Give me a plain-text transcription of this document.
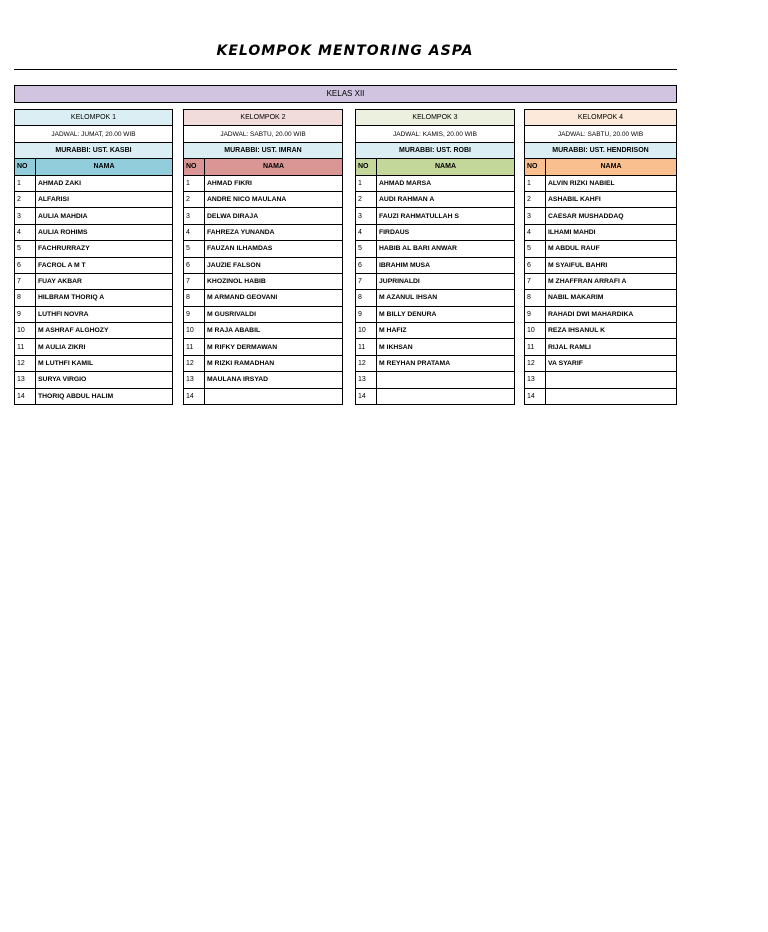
KELOMPOK MENTORING ASPA
KELAS XII
KELOMPOK 1	
JADWAL: JUMAT, 20.00 WIB	
MURABBI: UST. KASBI	
NO	NAMA
1	AHMAD ZAKI
2	ALFARISI
3	AULIA MAHDIA
4	AULIA ROHIMS
5	FACHRURRAZY
6	FACROL A M T
7	FUAY AKBAR
8	HILBRAM THORIQ A
9	LUTHFI NOVRA
10	M ASHRAF ALGHOZY
11	M AULIA ZIKRI
12	M LUTHFI KAMIL
13	SURYA VIRGIO
14	THORIQ ABDUL HALIM
KELOMPOK 2	
JADWAL: SABTU, 20.00 WIB	
MURABBI: UST. IMRAN	
NO	NAMA
1	AHMAD FIKRI
2	ANDRE NICO MAULANA
3	DELWA DIRAJA
4	FAHREZA YUNANDA
5	FAUZAN ILHAMDAS
6	JAUZIE FALSON
7	KHOZINOL HABIB
8	M ARMAND GEOVANI
9	M GUSRIVALDI
10	M RAJA ABABIL
11	M RIFKY DERMAWAN
12	M RIZKI RAMADHAN
13	MAULANA IRSYAD
14	
KELOMPOK 3	
JADWAL: KAMIS, 20.00 WIB	
MURABBI: UST. ROBI	
NO	NAMA
1	AHMAD MARSA
2	AUDI RAHMAN A
3	FAUZI RAHMATULLAH S
4	FIRDAUS
5	HABIB AL BARI ANWAR
6	IBRAHIM MUSA
7	JUPRINALDI
8	M AZANUL IHSAN
9	M BILLY DENURA
10	M HAFIZ
11	M IKHSAN
12	M REYHAN PRATAMA
13	
14	
KELOMPOK 4	
JADWAL: SABTU, 20.00 WIB	
MURABBI: UST. HENDRISON	
NO	NAMA
1	ALVIN RIZKI NABIEL
2	ASHABIL KAHFI
3	CAESAR MUSHADDAQ
4	ILHAMI MAHDI
5	M ABDUL RAUF
6	M SYAIFUL BAHRI
7	M ZHAFFRAN ARRAFI A
8	NABIL MAKARIM
9	RAHADI DWI MAHARDIKA
10	REZA IHSANUL K
11	RIJAL RAMLI
12	VA SYARIF
13	
14	
